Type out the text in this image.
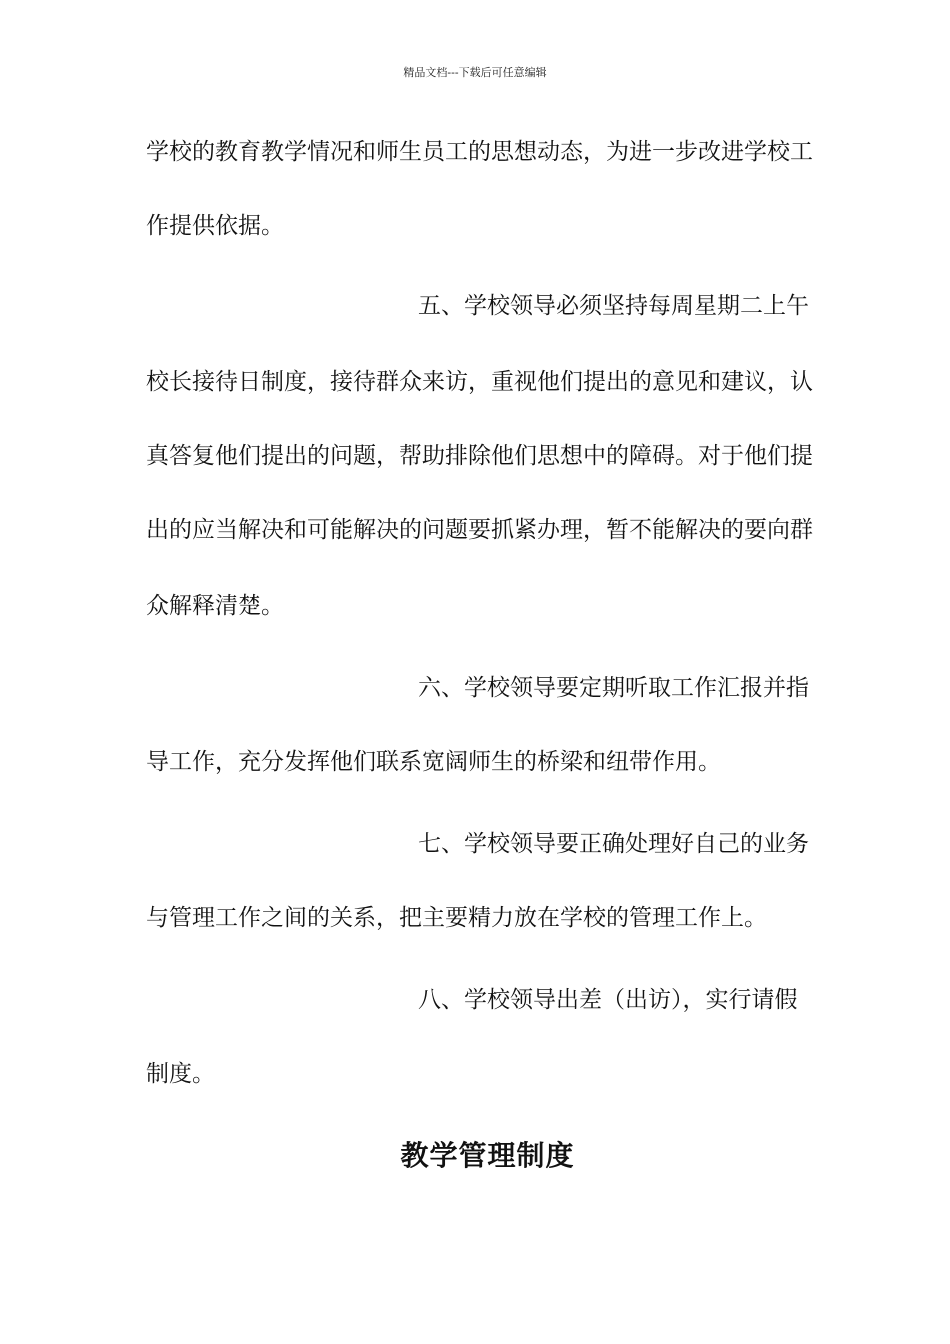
精品文档---下载后可任意编辑
学校的教育教学情况和师生员工的思想动态，为进一步改进学校工
作提供依据。
五、学校领导必须坚持每周星期二上午
校长接待日制度，接待群众来访，重视他们提出的意见和建议，认
真答复他们提出的问题，帮助排除他们思想中的障碍。对于他们提
出的应当解决和可能解决的问题要抓紧办理，暂不能解决的要向群
众解释清楚。
六、学校领导要定期听取工作汇报并指
导工作，充分发挥他们联系宽阔师生的桥梁和纽带作用。
七、学校领导要正确处理好自己的业务
与管理工作之间的关系，把主要精力放在学校的管理工作上。
八、学校领导出差（出访），实行请假
制度。
教学管理制度
